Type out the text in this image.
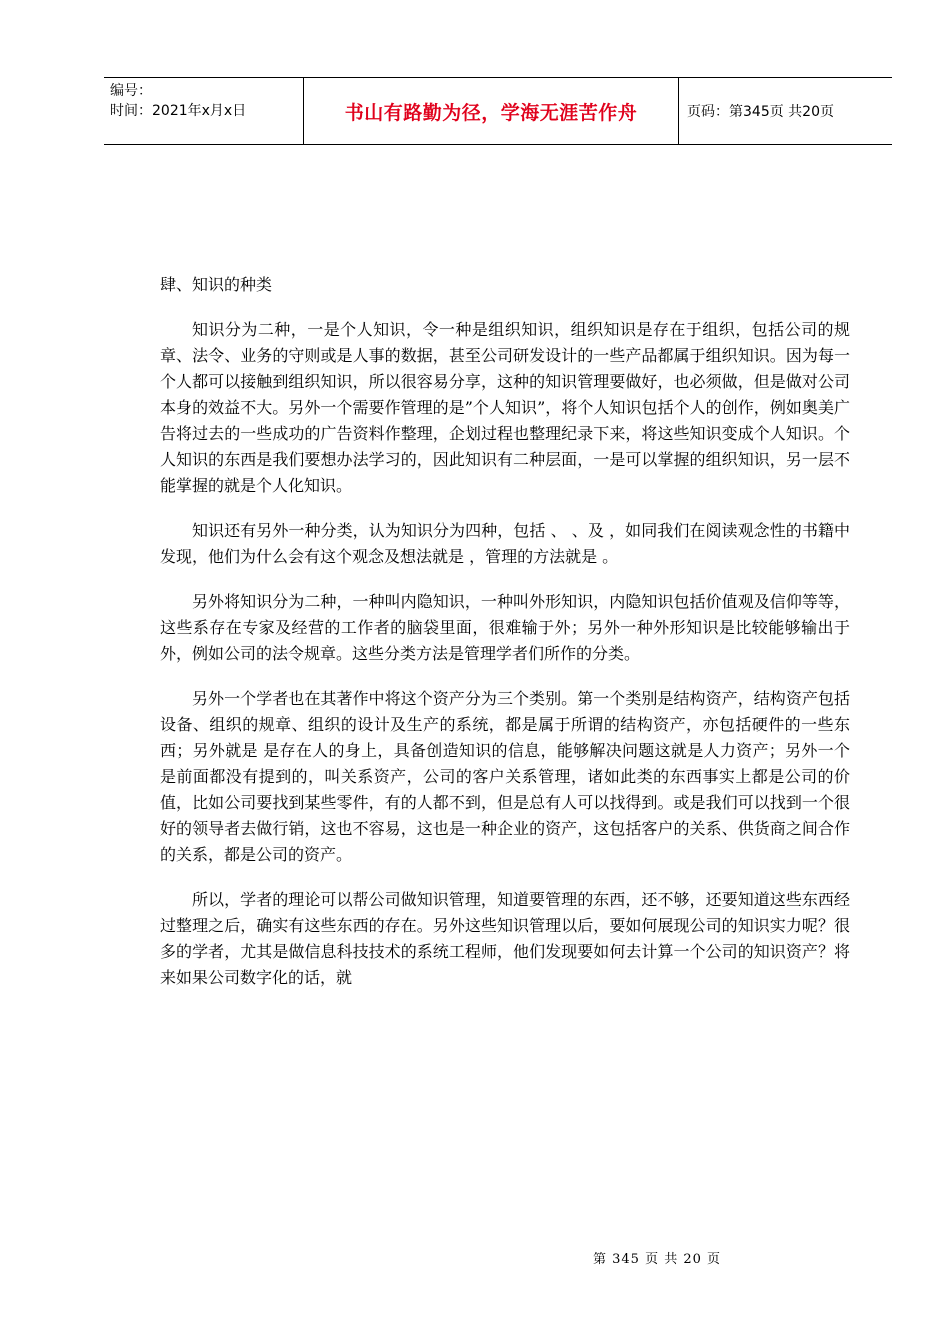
编号：
时间：2021年x月x日	书山有路勤为径，学海无涯苦作舟	页码：第345页 共20页
肆、知识的种类

知识分为二种，一是个人知识，令一种是组织知识，组织知识是存在于组织，包括公司的规章、法令、业务的守则或是人事的数据，甚至公司研发设计的一些产品都属于组织知识。因为每一个人都可以接触到组织知识，所以很容易分享，这种的知识管理要做好，也必须做，但是做对公司本身的效益不大。另外一个需要作管理的是”个人知识”，将个人知识包括个人的创作，例如奥美广告将过去的一些成功的广告资料作整理，企划过程也整理纪录下来，将这些知识变成个人知识。个人知识的东西是我们要想办法学习的，因此知识有二种层面，一是可以掌握的组织知识，另一层不能掌握的就是个人化知识。

知识还有另外一种分类，认为知识分为四种，包括 、 、及 ，如同我们在阅读观念性的书籍中发现，他们为什么会有这个观念及想法就是 ，管理的方法就是 。

另外将知识分为二种，一种叫内隐知识，一种叫外形知识，内隐知识包括价值观及信仰等等，这些系存在专家及经营的工作者的脑袋里面，很难输于外；另外一种外形知识是比较能够输出于外，例如公司的法令规章。这些分类方法是管理学者们所作的分类。

另外一个学者也在其著作中将这个资产分为三个类别。第一个类别是结构资产，结构资产包括设备、组织的规章、组织的设计及生产的系统，都是属于所谓的结构资产，亦包括硬件的一些东西；另外就是 是存在人的身上，具备创造知识的信息，能够解决问题这就是人力资产；另外一个是前面都没有提到的，叫关系资产，公司的客户关系管理，诸如此类的东西事实上都是公司的价值，比如公司要找到某些零件，有的人都不到，但是总有人可以找得到。或是我们可以找到一个很好的领导者去做行销，这也不容易，这也是一种企业的资产，这包括客户的关系、供货商之间合作的关系，都是公司的资产。

所以，学者的理论可以帮公司做知识管理，知道要管理的东西，还不够，还要知道这些东西经过整理之后，确实有这些东西的存在。另外这些知识管理以后，要如何展现公司的知识实力呢？很多的学者，尤其是做信息科技技术的系统工程师，他们发现要如何去计算一个公司的知识资产？将来如果公司数字化的话，就

第 345 页 共 20 页
